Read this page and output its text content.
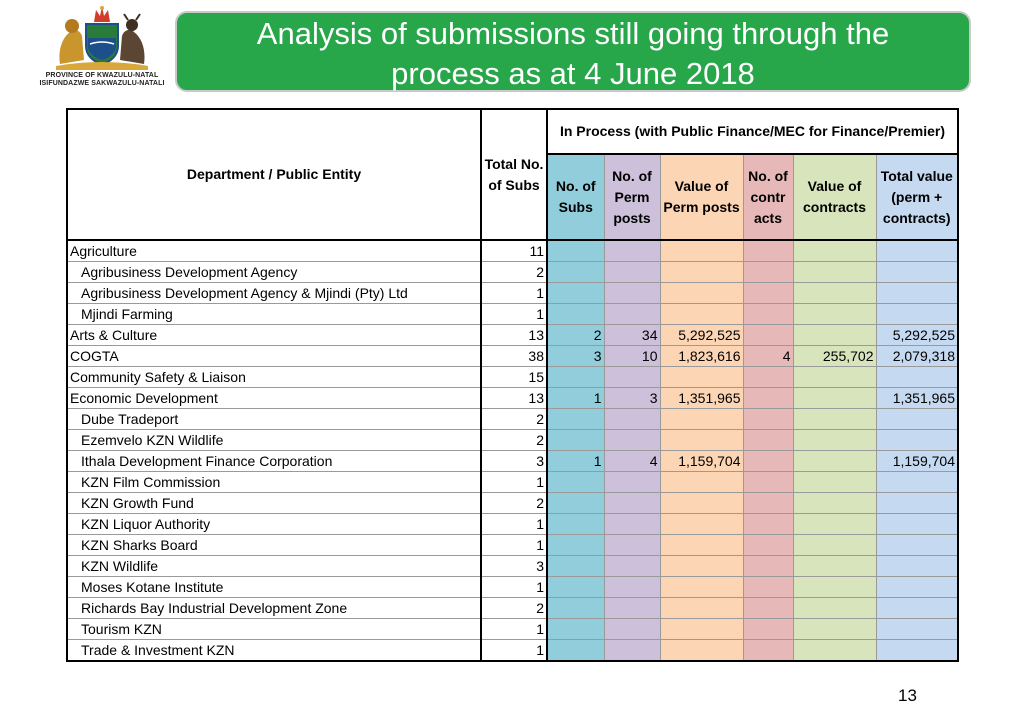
PROVINCE OF KWAZULU-NATAL
ISIFUNDAZWE SAKWAZULU-NATALI
Analysis of submissions still going through the
process as at 4 June 2018
Department / Public Entity	Total No. of Subs	In Process (with Public Finance/MEC for Finance/Premier)					
		No. of Subs	No. of Perm posts	Value of Perm posts	No. of contr acts	Value of contracts	Total value (perm + contracts)
Agriculture	11						
Agribusiness Development Agency	2						
Agribusiness Development Agency & Mjindi (Pty) Ltd	1						
Mjindi Farming	1						
Arts & Culture	13	2	34	5,292,525			5,292,525
COGTA	38	3	10	1,823,616	4	255,702	2,079,318
Community Safety & Liaison	15						
Economic Development	13	1	3	1,351,965			1,351,965
Dube Tradeport	2						
Ezemvelo KZN Wildlife	2						
Ithala Development Finance Corporation	3	1	4	1,159,704			1,159,704
KZN Film Commission	1						
KZN Growth Fund	2						
KZN Liquor Authority	1						
KZN Sharks Board	1						
KZN Wildlife	3						
Moses Kotane Institute	1						
Richards Bay Industrial Development Zone	2						
Tourism KZN	1						
Trade & Investment KZN	1						
13
